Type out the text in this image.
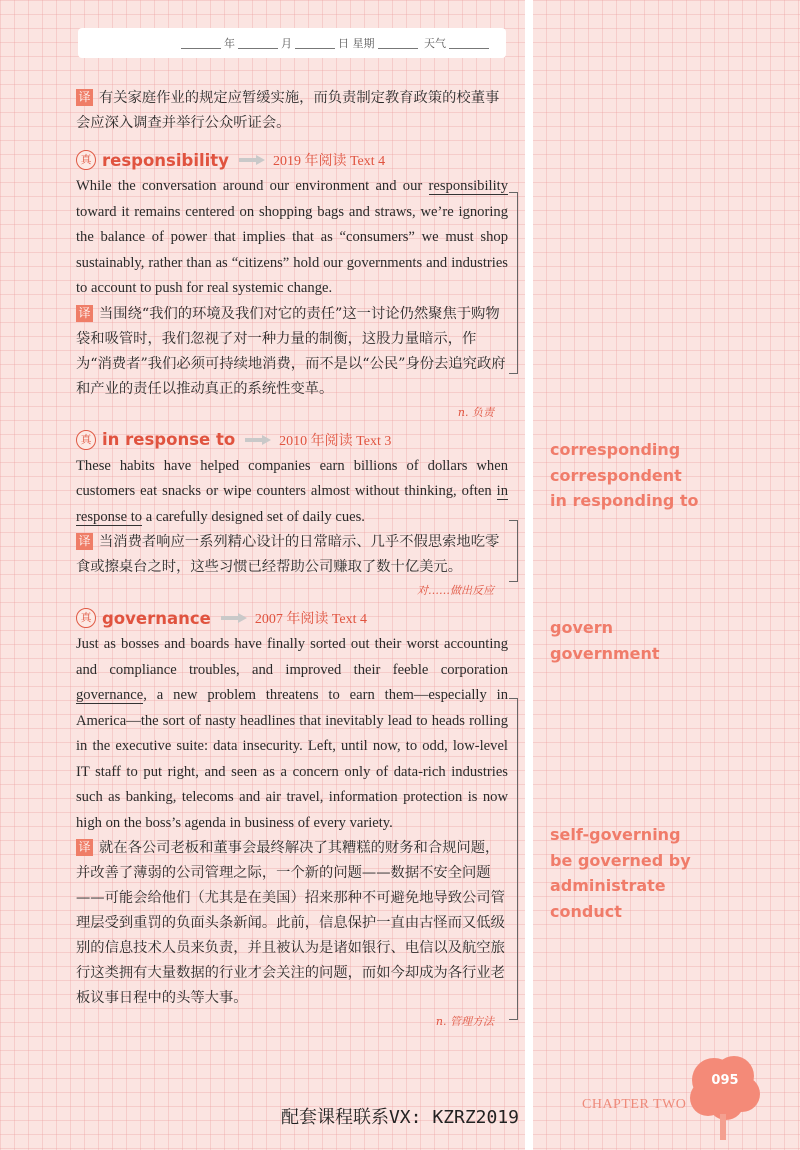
年	月	日
星期
	天气

译 有关家庭作业的规定应暂缓实施，而负责制定教育政策的校董事会应深入调查并举行公众听证会。

真 responsibility	2019 年阅读 Text 4

While the conversation around our environment and our responsibility toward it remains centered on shopping bags and straws, we’re ignoring the balance of power that implies that as “consumers” we must shop sustainably, rather than as “citizens” hold our governments and industries to account to push for real systemic change.

译 当围绕“我们的环境及我们对它的责任”这一讨论仍然聚焦于购物袋和吸管时，我们忽视了对一种力量的制衡，这股力量暗示，作为“消费者”我们必须可持续地消费，而不是以“公民”身份去追究政府和产业的责任以推动真正的系统性变革。

n. 负责
真 in response to	2010 年阅读 Text 3

These habits have helped companies earn billions of dollars when customers eat snacks or wipe counters almost without thinking, often in response to a carefully designed set of daily cues.

译 当消费者响应一系列精心设计的日常暗示、几乎不假思索地吃零食或擦桌台之时，这些习惯已经帮助公司赚取了数十亿美元。

对……做出反应
真 governance	2007 年阅读 Text 4

Just as bosses and boards have finally sorted out their worst accounting and compliance troubles, and improved their feeble corporation governance, a new problem threatens to earn them—especially in America—the sort of nasty headlines that inevitably lead to heads rolling in the executive suite: data insecurity. Left, until now, to odd, low-level IT staff to put right, and seen as a concern only of data-rich industries such as banking, telecoms and air travel, information protection is now high on the boss’s agenda in business of every variety.

译 就在各公司老板和董事会最终解决了其糟糕的财务和合规问题，并改善了薄弱的公司管理之际，一个新的问题——数据不安全问题——可能会给他们（尤其是在美国）招来那种不可避免地导致公司管理层受到重罚的负面头条新闻。此前，信息保护一直由古怪而又低级别的信息技术人员来负责，并且被认为是诸如银行、电信以及航空旅行这类拥有大量数据的行业才会关注的问题，而如今却成为各行业老板议事日程中的头等大事。

n. 管理方法
corresponding
correspondent
in responding to
govern
government
self-governing
be governed by
administrate
conduct
CHAPTER TWO
095
配套课程联系VX: KZRZ2019
